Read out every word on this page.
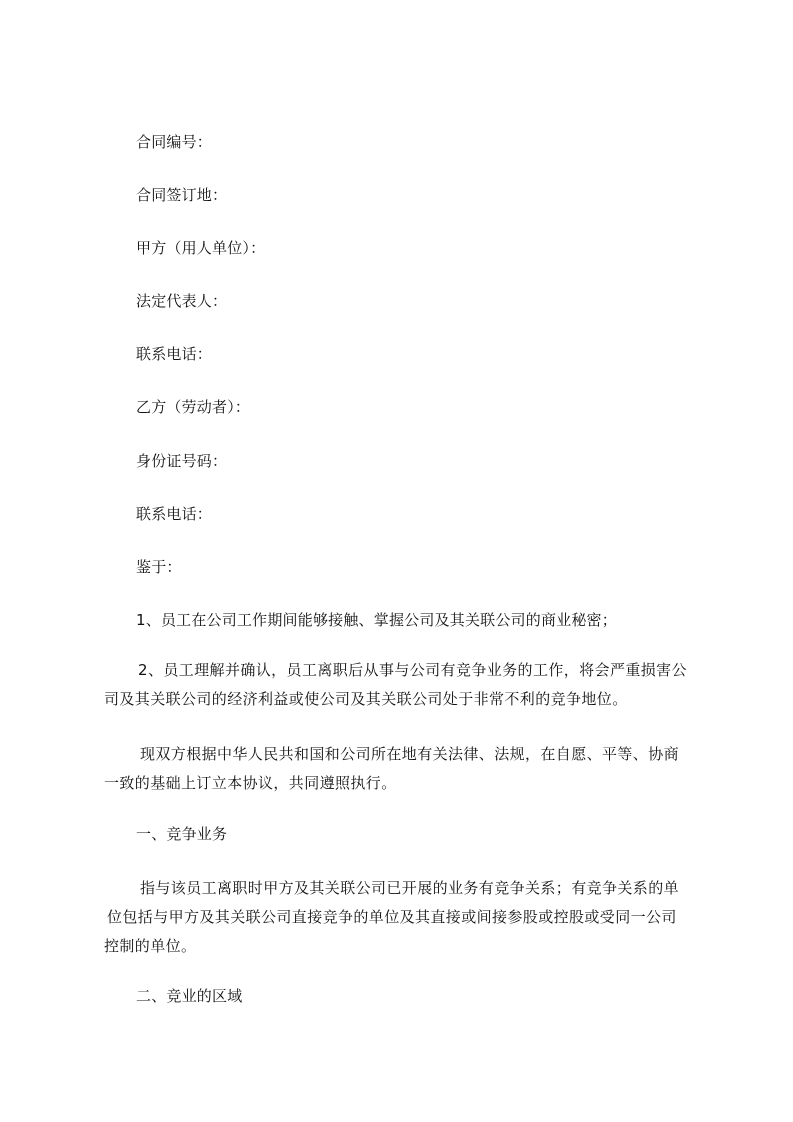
合同编号：
合同签订地：
甲方（用人单位）：
法定代表人：
联系电话：
乙方（劳动者）：
身份证号码：
联系电话：
鉴于：
1、员工在公司工作期间能够接触、掌握公司及其关联公司的商业秘密；
2、员工理解并确认，员工离职后从事与公司有竞争业务的工作，将会严重损害公
司及其关联公司的经济利益或使公司及其关联公司处于非常不利的竞争地位。
现双方根据中华人民共和国和公司所在地有关法律、法规，在自愿、平等、协商
一致的基础上订立本协议，共同遵照执行。
一、竞争业务
指与该员工离职时甲方及其关联公司已开展的业务有竞争关系；有竞争关系的单
位包括与甲方及其关联公司直接竞争的单位及其直接或间接参股或控股或受同一公司
控制的单位。
二、竞业的区域
